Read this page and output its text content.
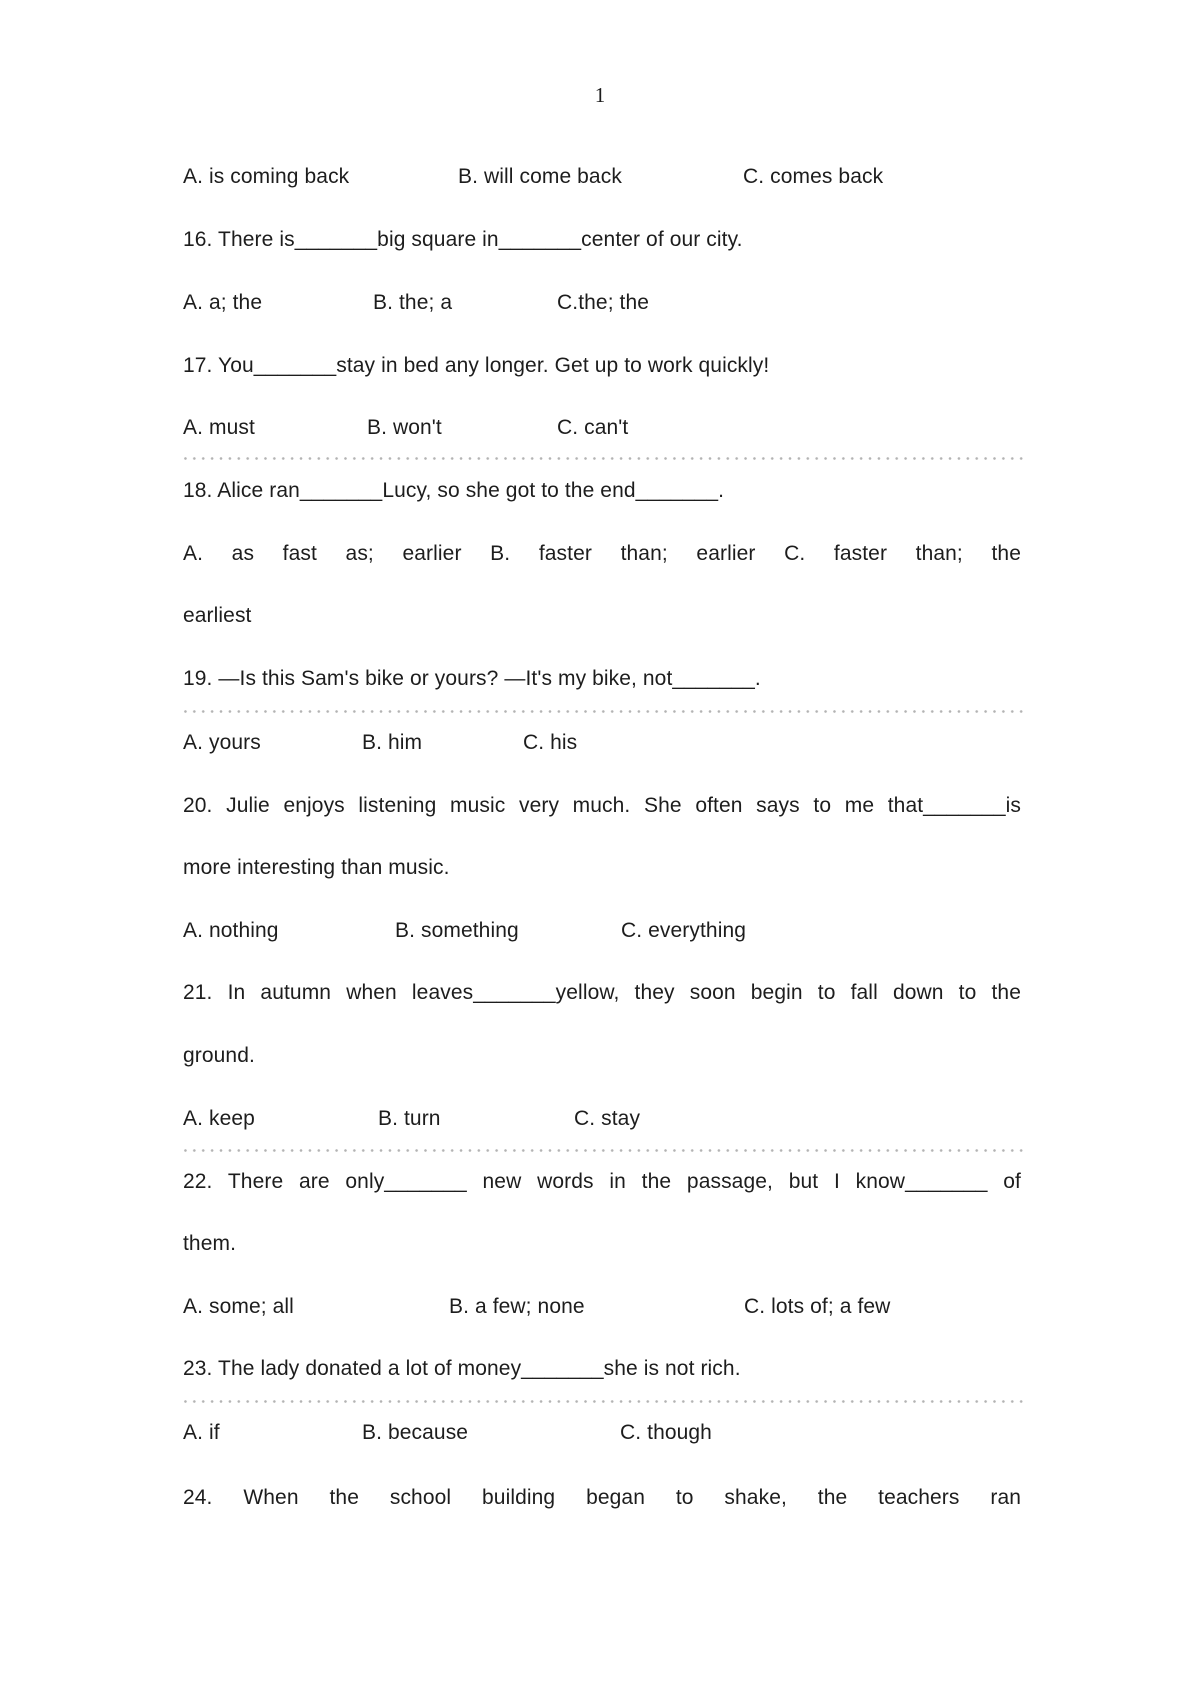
1
A. is coming back	B. will come back	C. comes back
16. There is_______big square in_______center of our city.
A. a; the	B. the; a	C.the; the
17. You_______stay in bed any longer. Get up to work quickly!
A. must	B. won't	C. can't
18. Alice ran_______Lucy, so she got to the end_______.
A. as fast as; earlier B. faster than; earlier C. faster than; the
earliest
19. —Is this Sam's bike or yours? —It's my bike, not_______.
A. yours	B. him	C. his
20. Julie enjoys listening music very much. She often says to me that_______is
more interesting than music.
A. nothing	B. something	C. everything
21. In autumn when leaves_______yellow, they soon begin to fall down to the
ground.
A. keep	B. turn	C. stay
22. There are only_______ new words in the passage, but I know_______ of
them.
A. some; all	B. a few; none	C. lots of; a few
23. The lady donated a lot of money_______she is not rich.
A. if	B. because	C. though
24. When the school building began to shake, the teachers ran
